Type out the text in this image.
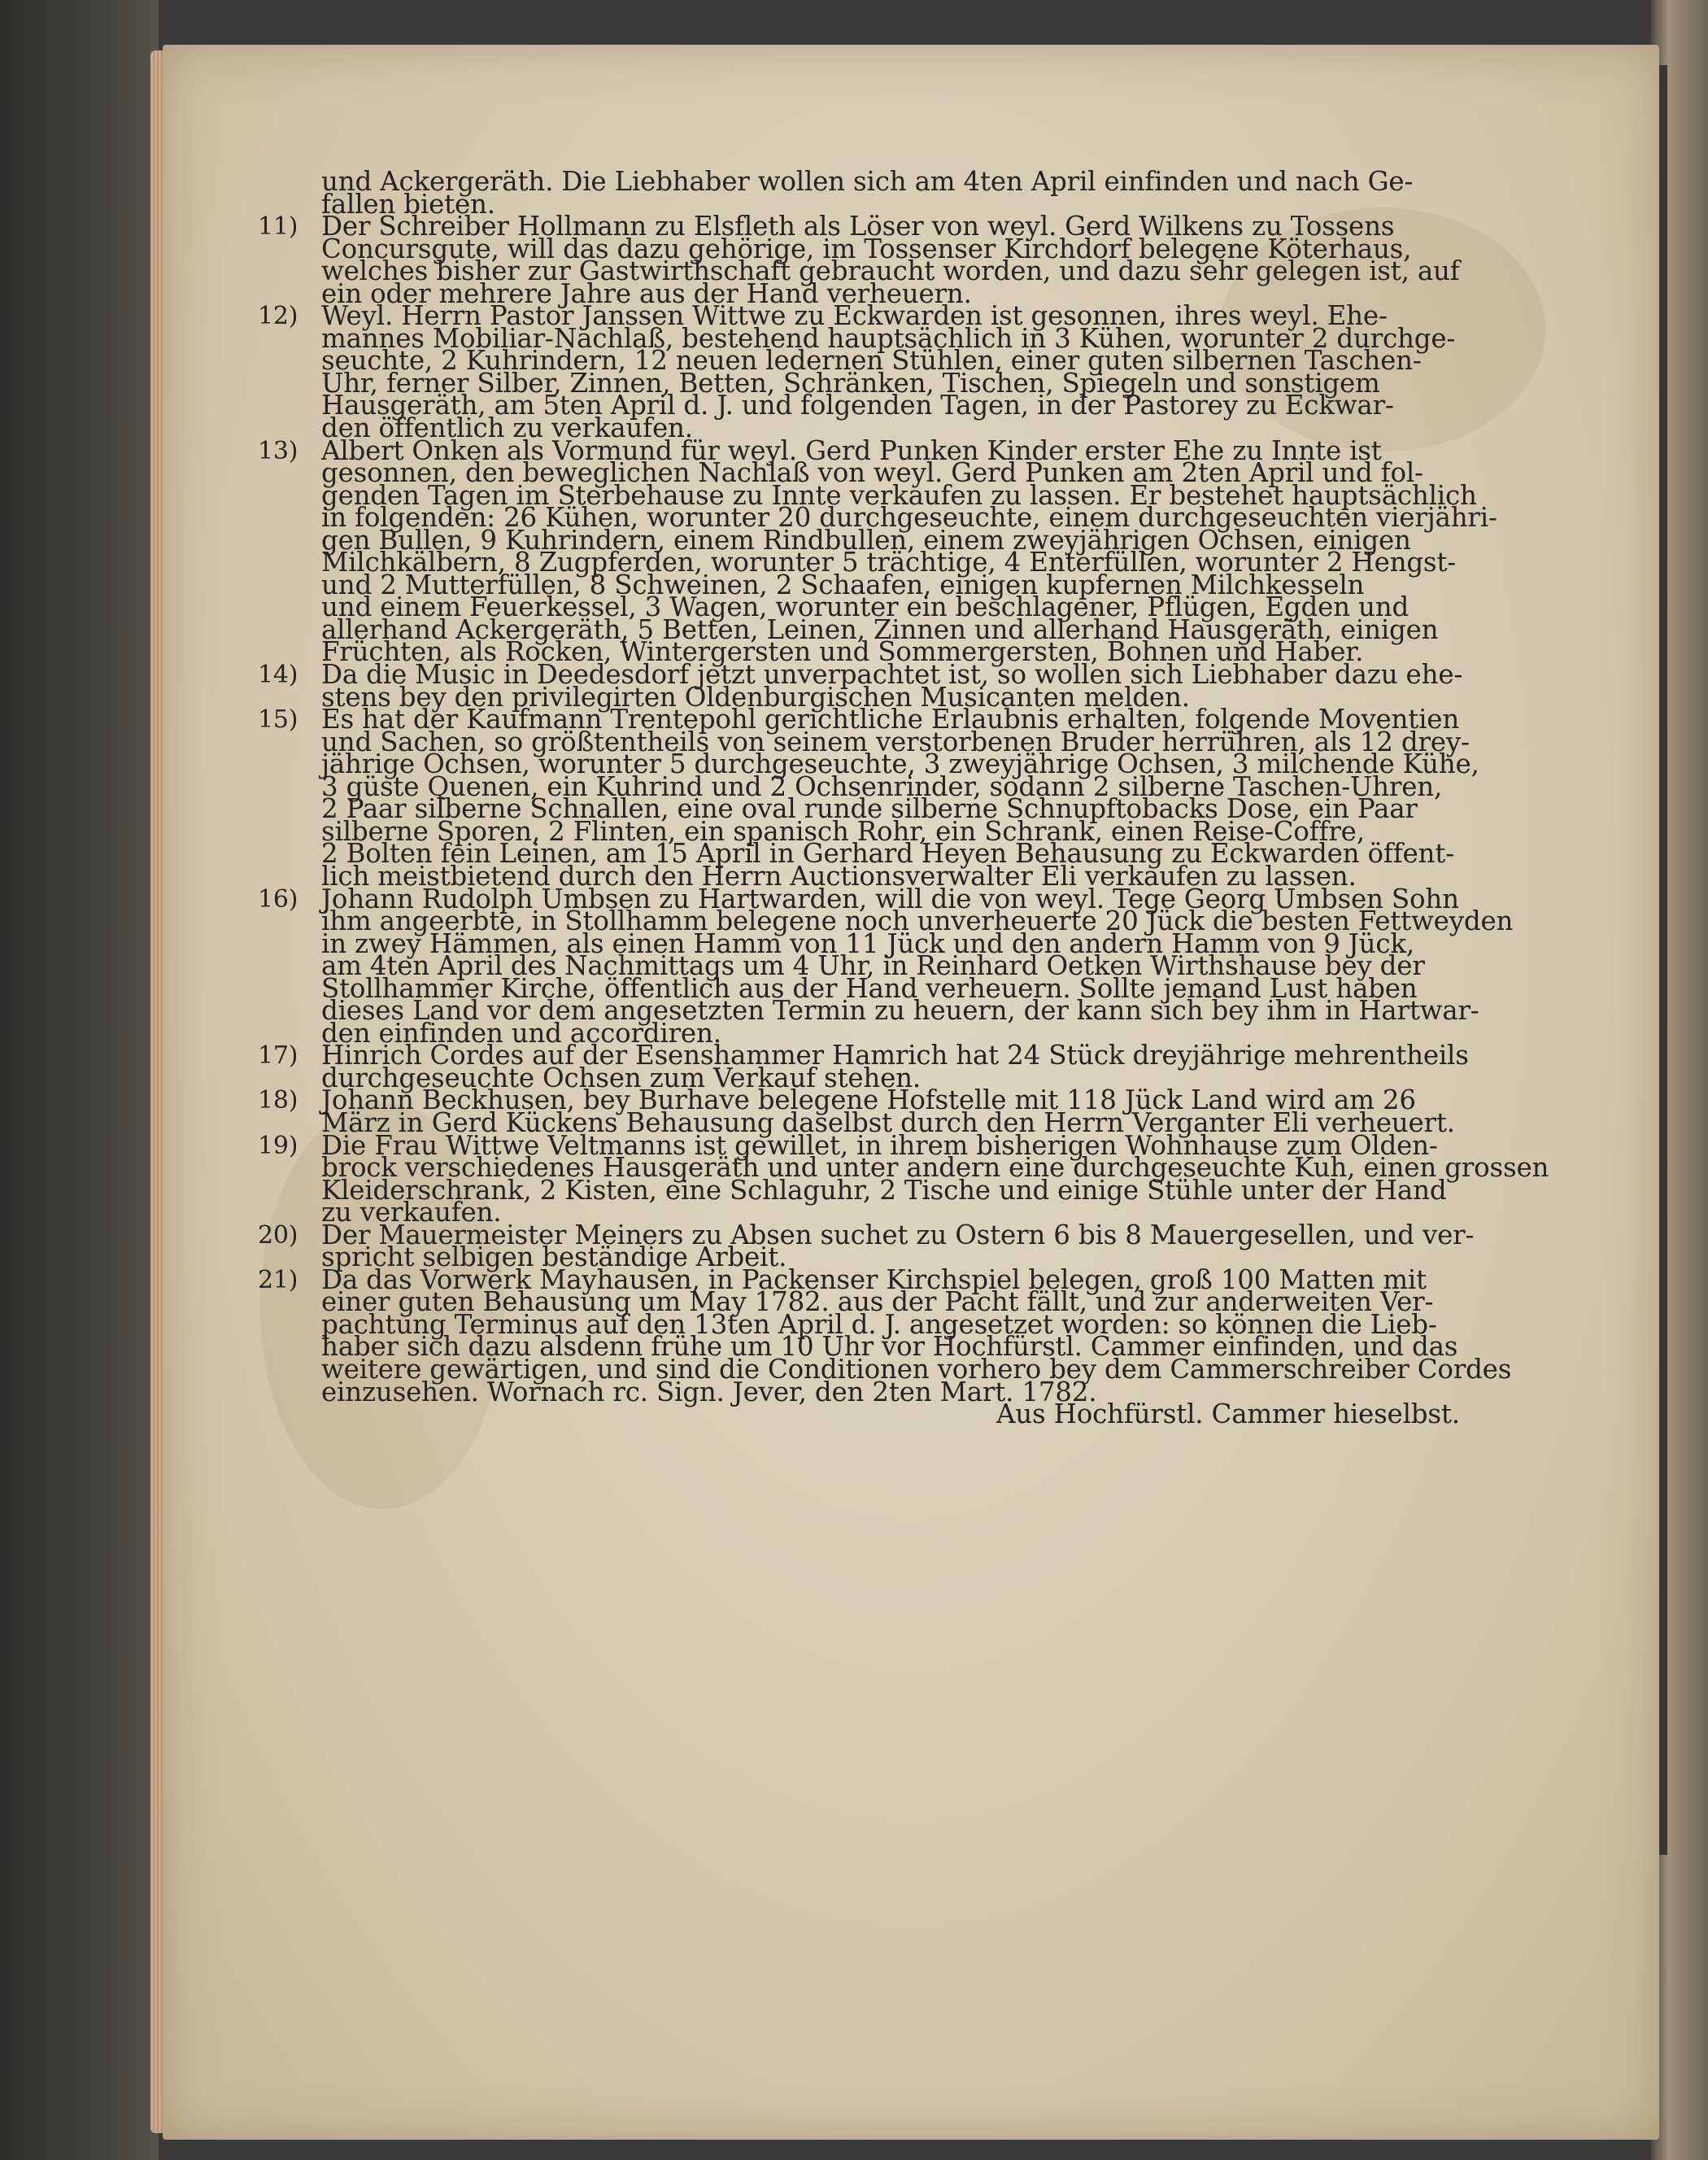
und Ackergeräth. Die Liebhaber wollen sich am 4ten April einfinden und nach Ge-
fallen bieten.
11) Der Schreiber Hollmann zu Elsfleth als Löser von weyl. Gerd Wilkens zu Tossens
Concursgute, will das dazu gehörige, im Tossenser Kirchdorf belegene Köterhaus,
welches bisher zur Gastwirthschaft gebraucht worden, und dazu sehr gelegen ist, auf
ein oder mehrere Jahre aus der Hand verheuern.
12) Weyl. Herrn Pastor Janssen Wittwe zu Eckwarden ist gesonnen, ihres weyl. Ehe-
mannes Mobiliar-Nachlaß, bestehend hauptsächlich in 3 Kühen, worunter 2 durchge-
seuchte, 2 Kuhrindern, 12 neuen ledernen Stühlen, einer guten silbernen Taschen-
Uhr, ferner Silber, Zinnen, Betten, Schränken, Tischen, Spiegeln und sonstigem
Hausgeräth, am 5ten April d. J. und folgenden Tagen, in der Pastorey zu Eckwar-
den öffentlich zu verkaufen.
13) Albert Onken als Vormund für weyl. Gerd Punken Kinder erster Ehe zu Innte ist
gesonnen, den beweglichen Nachlaß von weyl. Gerd Punken am 2ten April und fol-
genden Tagen im Sterbehause zu Innte verkaufen zu lassen. Er bestehet hauptsächlich
in folgenden: 26 Kühen, worunter 20 durchgeseuchte, einem durchgeseuchten vierjähri-
gen Bullen, 9 Kuhrindern, einem Rindbullen, einem zweyjährigen Ochsen, einigen
Milchkälbern, 8 Zugpferden, worunter 5 trächtige, 4 Enterfüllen, worunter 2 Hengst-
und 2 Mutterfüllen, 8 Schweinen, 2 Schaafen, einigen kupfernen Milchkesseln
und einem Feuerkessel, 3 Wagen, worunter ein beschlagener, Pflügen, Egden und
allerhand Ackergeräth, 5 Betten, Leinen, Zinnen und allerhand Hausgeräth, einigen
Früchten, als Rocken, Wintergersten und Sommergersten, Bohnen und Haber.
14) Da die Music in Deedesdorf jetzt unverpachtet ist, so wollen sich Liebhaber dazu ehe-
stens bey den privilegirten Oldenburgischen Musicanten melden.
15) Es hat der Kaufmann Trentepohl gerichtliche Erlaubnis erhalten, folgende Moventien
und Sachen, so größtentheils von seinem verstorbenen Bruder herrühren, als 12 drey-
jährige Ochsen, worunter 5 durchgeseuchte, 3 zweyjährige Ochsen, 3 milchende Kühe,
3 güste Quenen, ein Kuhrind und 2 Ochsenrinder, sodann 2 silberne Taschen-Uhren,
2 Paar silberne Schnallen, eine oval runde silberne Schnupftobacks Dose, ein Paar
silberne Sporen, 2 Flinten, ein spanisch Rohr, ein Schrank, einen Reise-Coffre,
2 Bolten fein Leinen, am 15 April in Gerhard Heyen Behausung zu Eckwarden öffent-
lich meistbietend durch den Herrn Auctionsverwalter Eli verkaufen zu lassen.
16) Johann Rudolph Umbsen zu Hartwarden, will die von weyl. Tege Georg Umbsen Sohn
ihm angeerbte, in Stollhamm belegene noch unverheuerte 20 Jück die besten Fettweyden
in zwey Hämmen, als einen Hamm von 11 Jück und den andern Hamm von 9 Jück,
am 4ten April des Nachmittags um 4 Uhr, in Reinhard Oetken Wirthshause bey der
Stollhammer Kirche, öffentlich aus der Hand verheuern. Sollte jemand Lust haben
dieses Land vor dem angesetzten Termin zu heuern, der kann sich bey ihm in Hartwar-
den einfinden und accordiren.
17) Hinrich Cordes auf der Esenshammer Hamrich hat 24 Stück dreyjährige mehrentheils
durchgeseuchte Ochsen zum Verkauf stehen.
18) Johann Beckhusen, bey Burhave belegene Hofstelle mit 118 Jück Land wird am 26
März in Gerd Kückens Behausung daselbst durch den Herrn Verganter Eli verheuert.
19) Die Frau Wittwe Veltmanns ist gewillet, in ihrem bisherigen Wohnhause zum Olden-
brock verschiedenes Hausgeräth und unter andern eine durchgeseuchte Kuh, einen grossen
Kleiderschrank, 2 Kisten, eine Schlaguhr, 2 Tische und einige Stühle unter der Hand
zu verkaufen.
20) Der Mauermeister Meiners zu Absen suchet zu Ostern 6 bis 8 Mauergesellen, und ver-
spricht selbigen beständige Arbeit.
21) Da das Vorwerk Mayhausen, in Packenser Kirchspiel belegen, groß 100 Matten mit
einer guten Behausung um May 1782. aus der Pacht fällt, und zur anderweiten Ver-
pachtung Terminus auf den 13ten April d. J. angesetzet worden: so können die Lieb-
haber sich dazu alsdenn frühe um 10 Uhr vor Hochfürstl. Cammer einfinden, und das
weitere gewärtigen, und sind die Conditionen vorhero bey dem Cammerschreiber Cordes
einzusehen. Wornach rc. Sign. Jever, den 2ten Mart. 1782.
Aus Hochfürstl. Cammer hieselbst.
